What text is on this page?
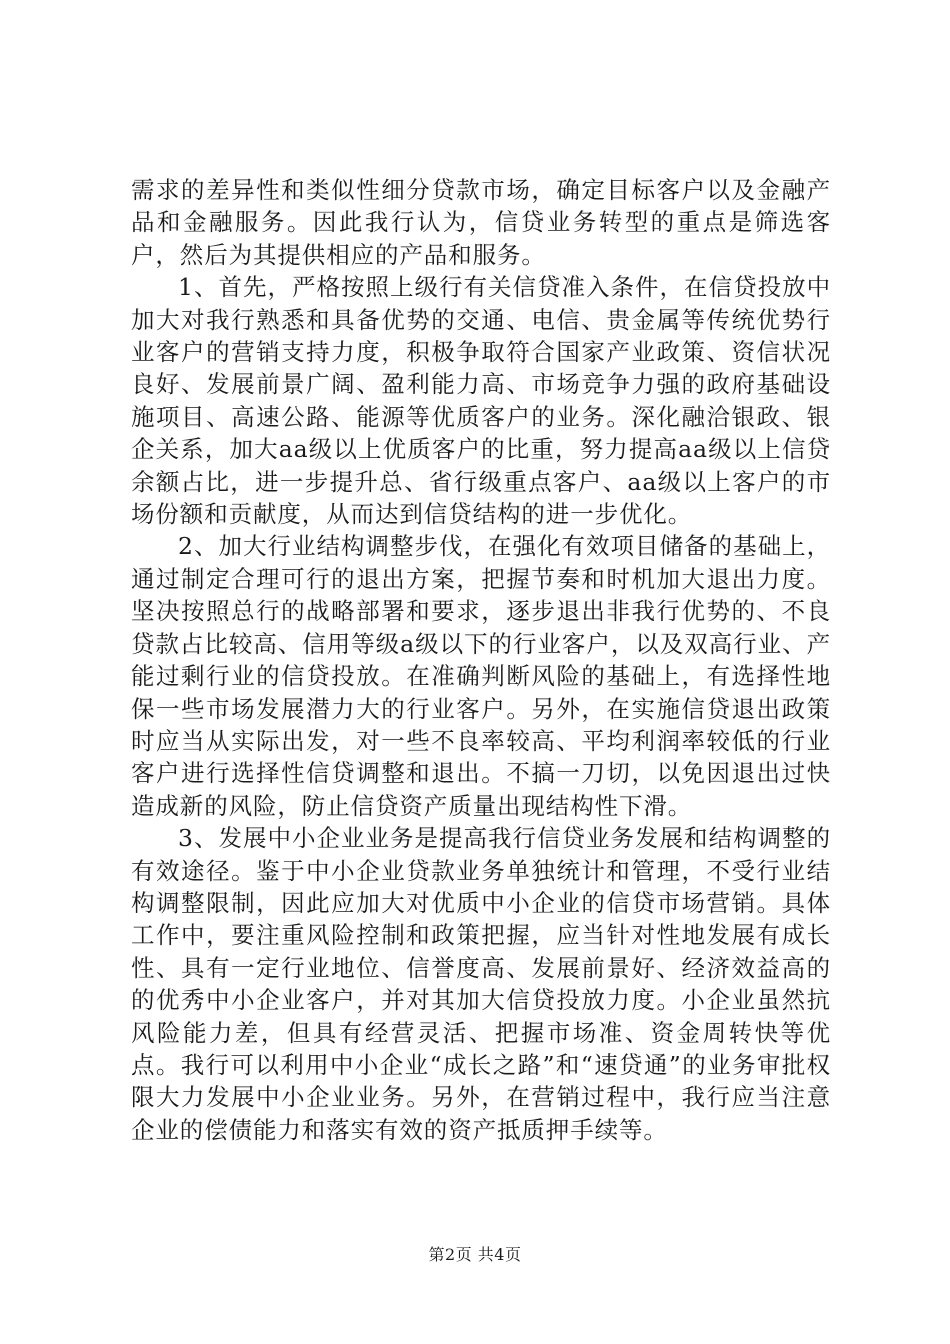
需求的差异性和类似性细分贷款市场，确定目标客户以及金融产品和金融服务。因此我行认为，信贷业务转型的重点是筛选客户，然后为其提供相应的产品和服务。

1、首先，严格按照上级行有关信贷准入条件，在信贷投放中加大对我行熟悉和具备优势的交通、电信、贵金属等传统优势行业客户的营销支持力度，积极争取符合国家产业政策、资信状况良好、发展前景广阔、盈利能力高、市场竞争力强的政府基础设施项目、高速公路、能源等优质客户的业务。深化融洽银政、银企关系，加大aa级以上优质客户的比重，努力提高aa级以上信贷余额占比，进一步提升总、省行级重点客户、aa级以上客户的市场份额和贡献度，从而达到信贷结构的进一步优化。

2、加大行业结构调整步伐，在强化有效项目储备的基础上，通过制定合理可行的退出方案，把握节奏和时机加大退出力度。坚决按照总行的战略部署和要求，逐步退出非我行优势的、不良贷款占比较高、信用等级a级以下的行业客户，以及双高行业、产能过剩行业的信贷投放。在准确判断风险的基础上，有选择性地保一些市场发展潜力大的行业客户。另外，在实施信贷退出政策时应当从实际出发，对一些不良率较高、平均利润率较低的行业客户进行选择性信贷调整和退出。不搞一刀切，以免因退出过快造成新的风险，防止信贷资产质量出现结构性下滑。

3、发展中小企业业务是提高我行信贷业务发展和结构调整的有效途径。鉴于中小企业贷款业务单独统计和管理，不受行业结构调整限制，因此应加大对优质中小企业的信贷市场营销。具体工作中，要注重风险控制和政策把握，应当针对性地发展有成长性、具有一定行业地位、信誉度高、发展前景好、经济效益高的的优秀中小企业客户，并对其加大信贷投放力度。小企业虽然抗风险能力差，但具有经营灵活、把握市场准、资金周转快等优点。我行可以利用中小企业“成长之路”和“速贷通”的业务审批权限大力发展中小企业业务。另外，在营销过程中，我行应当注意企业的偿债能力和落实有效的资产抵质押手续等。

第2页 共4页
